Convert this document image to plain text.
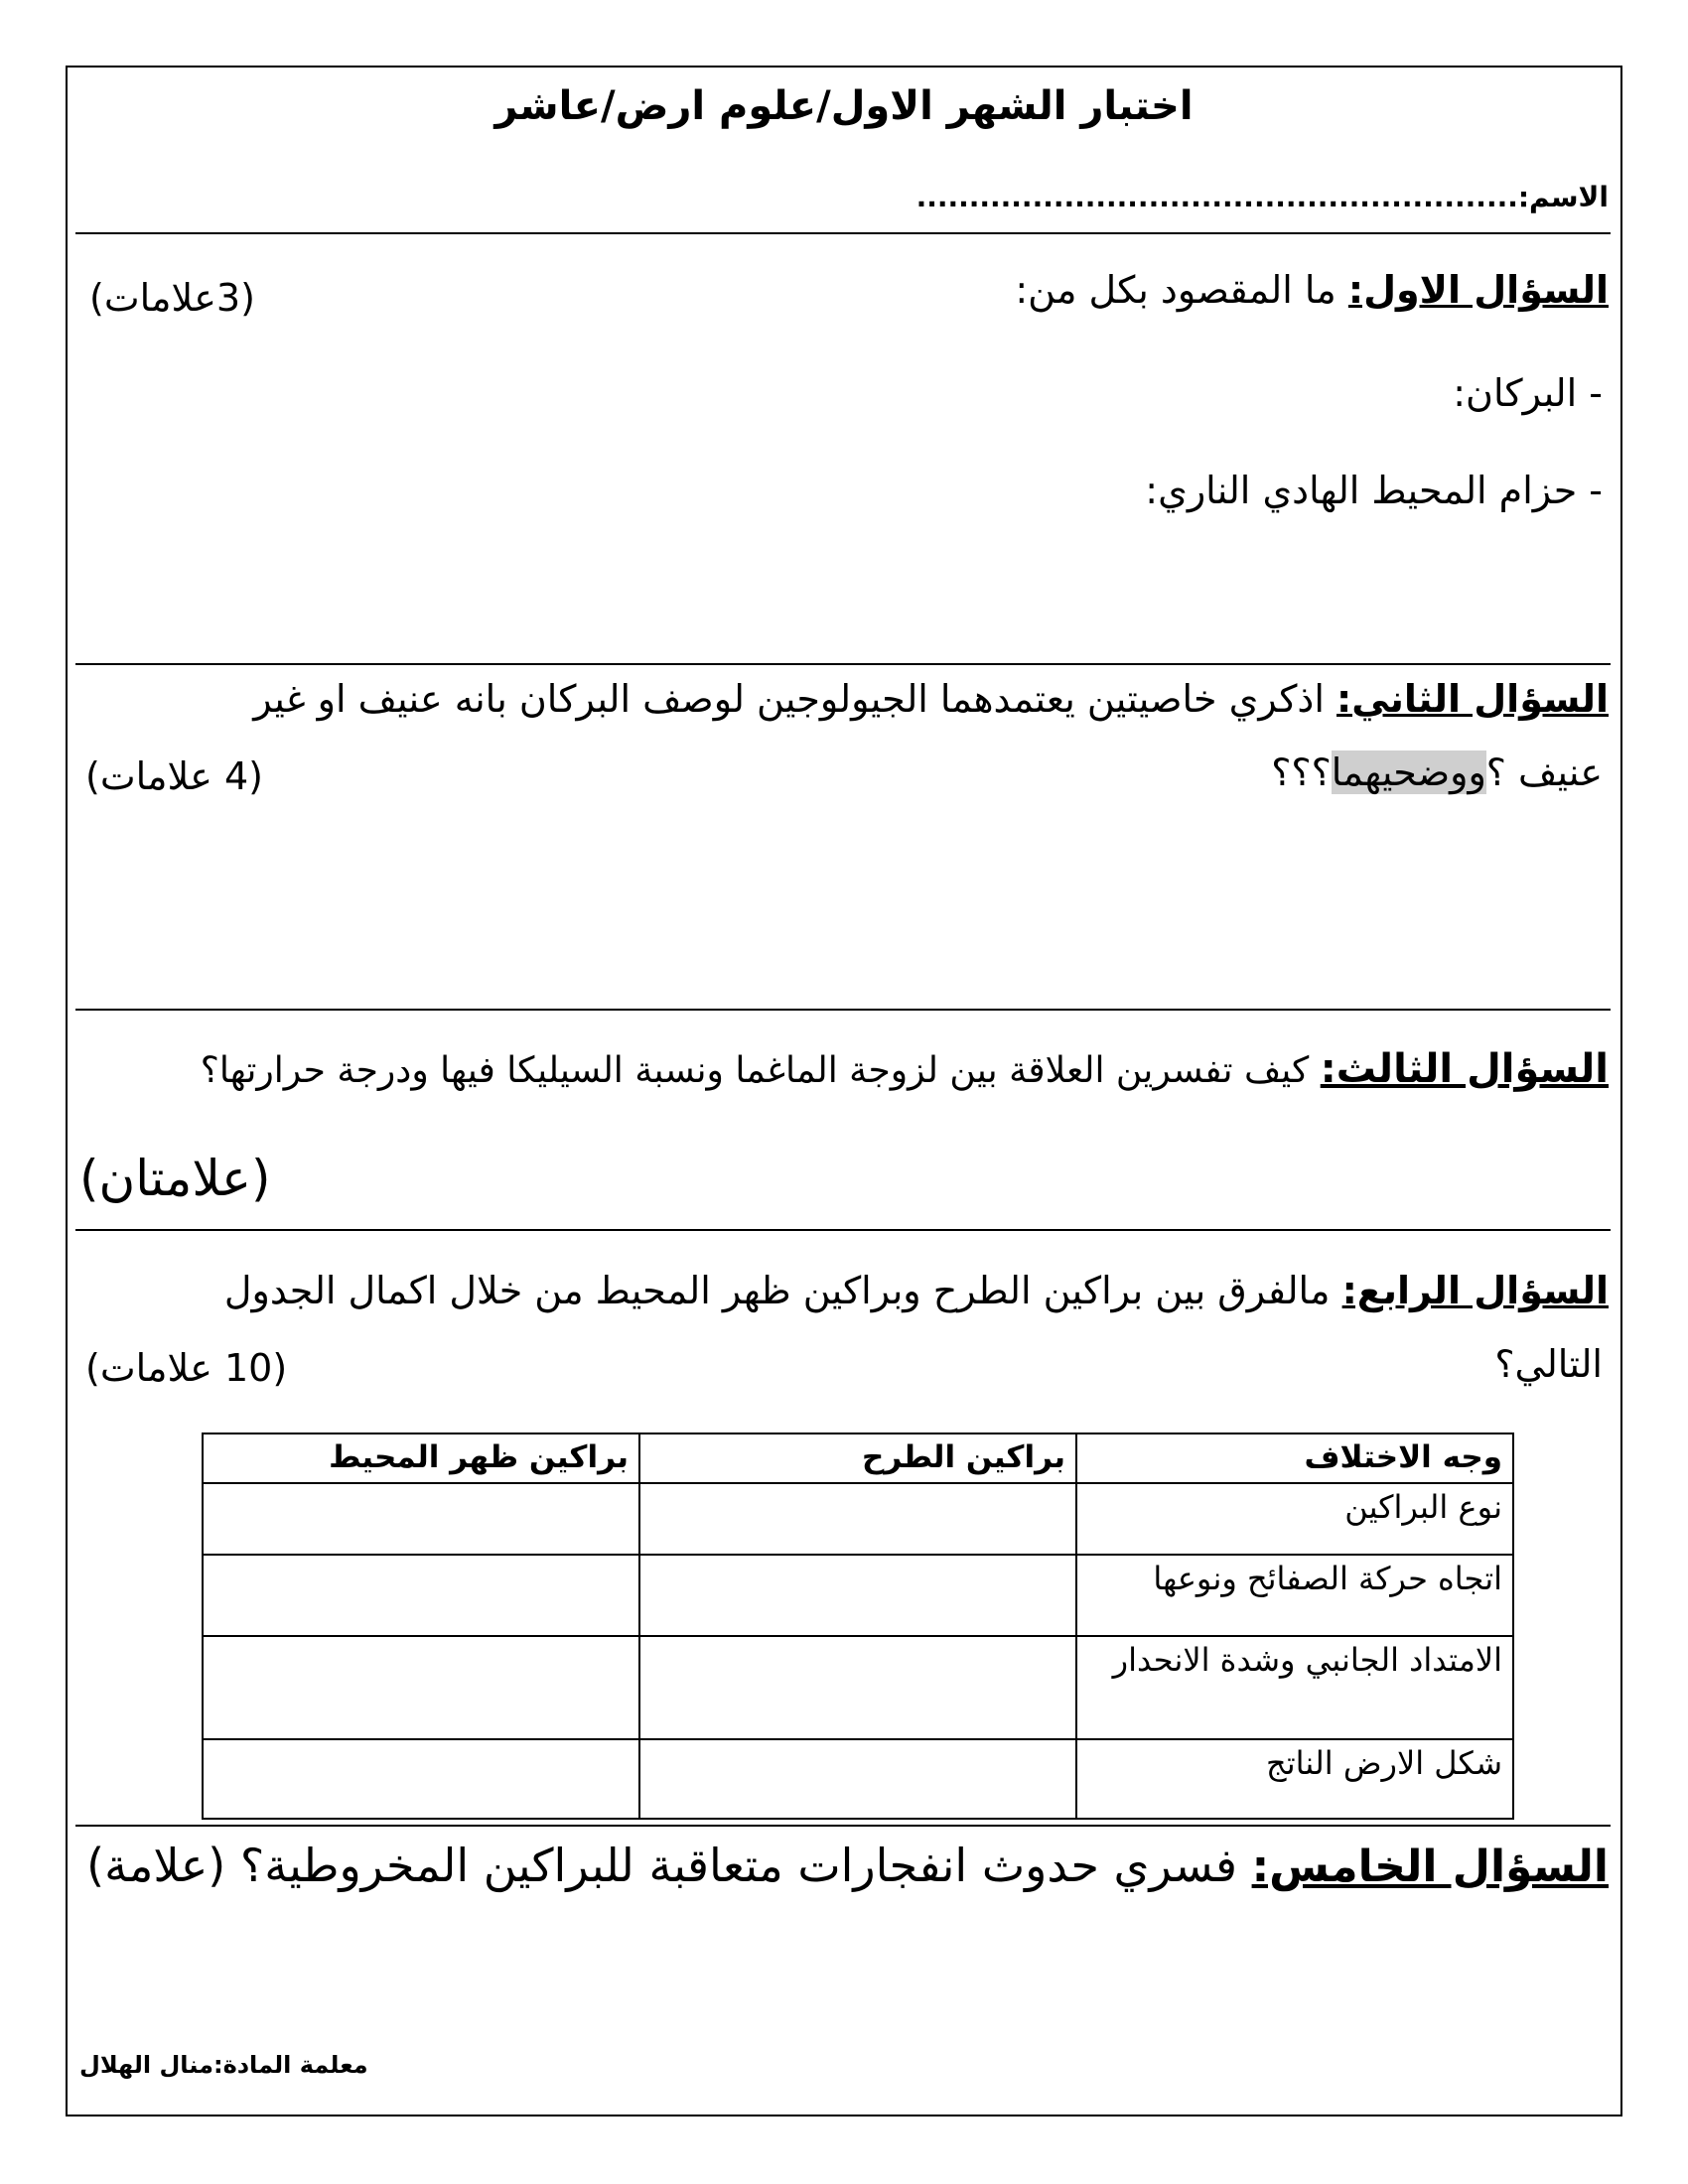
اختبار الشهر الاول/علوم ارض/عاشر
الاسم:.........................................................
السؤال الاول: ما المقصود بكل من:
(3علامات)
- البركان:
- حزام المحيط الهادي الناري:
السؤال الثاني: اذكري خاصيتين يعتمدهما الجيولوجين لوصف البركان بانه عنيف او غير
عنيف ؟ووضحيهما؟؟؟
(4 علامات)
السؤال الثالث: كيف تفسرين العلاقة بين لزوجة الماغما ونسبة السيليكا فيها ودرجة حرارتها؟
(علامتان)
السؤال الرابع: مالفرق بين براكين الطرح وبراكين ظهر المحيط من خلال اكمال الجدول
التالي؟
(10 علامات)
وجه الاختلاف	براكين الطرح	براكين ظهر المحيط
نوع البراكين		
اتجاه حركة الصفائح ونوعها		
الامتداد الجانبي وشدة الانحدار		
شكل الارض الناتج		
السؤال الخامس: فسري حدوث انفجارات متعاقبة للبراكين المخروطية؟ (علامة)
معلمة المادة:منال الهلال
